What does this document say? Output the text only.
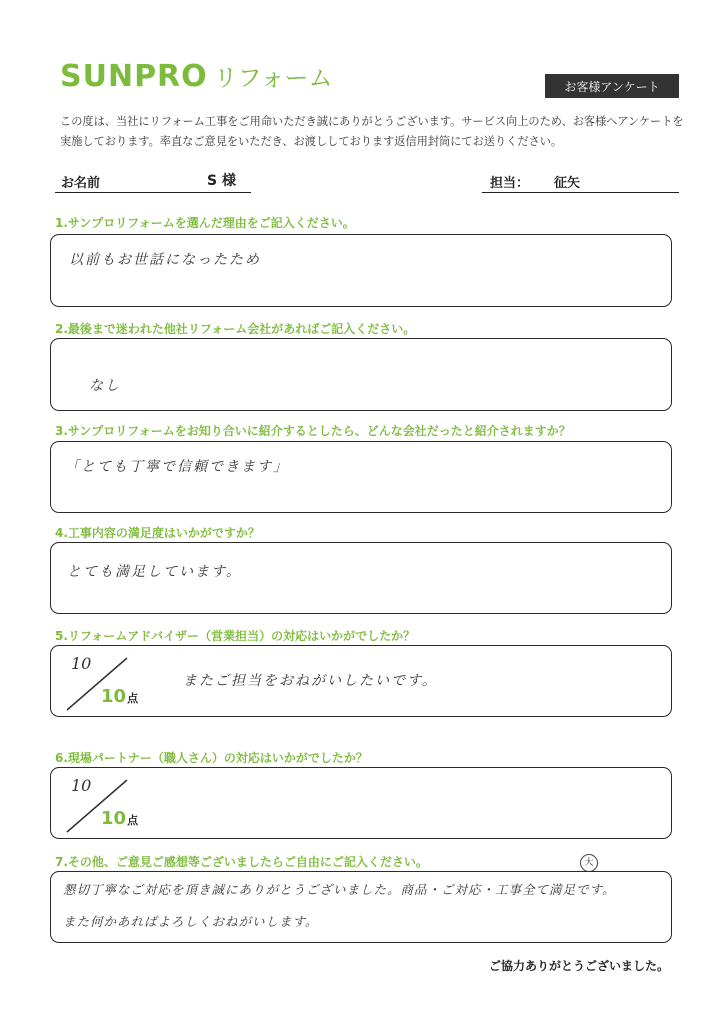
SUNPRO リフォーム	お客様アンケート
この度は、当社にリフォーム工事をご用命いただき誠にありがとうございます。サービス向上のため、お客様へアンケートを実施しております。率直なご意見をいただき、お渡ししております返信用封筒にてお送りください。
お名前	S 様	担当： 征矢
1.サンプロリフォームを選んだ理由をご記入ください。
以前もお世話になったため
2.最後まで迷われた他社リフォーム会社があればご記入ください。
なし
3.サンプロリフォームをお知り合いに紹介するとしたら、どんな会社だったと紹介されますか？
「とても丁寧で信頼できます」
4.工事内容の満足度はいかがですか？
とても満足しています。
5.リフォームアドバイザー（営業担当）の対応はいかがでしたか？
10
10点
またご担当をおねがいしたいです。
6.現場パートナー（職人さん）の対応はいかがでしたか？
10
10点
7.その他、ご意見ご感想等ございましたらご自由にご記入ください。	大
懇切丁寧なご対応を頂き誠にありがとうございました。商品・ご対応・工事全て満足です。
また何かあればよろしくおねがいします。
ご協力ありがとうございました。
